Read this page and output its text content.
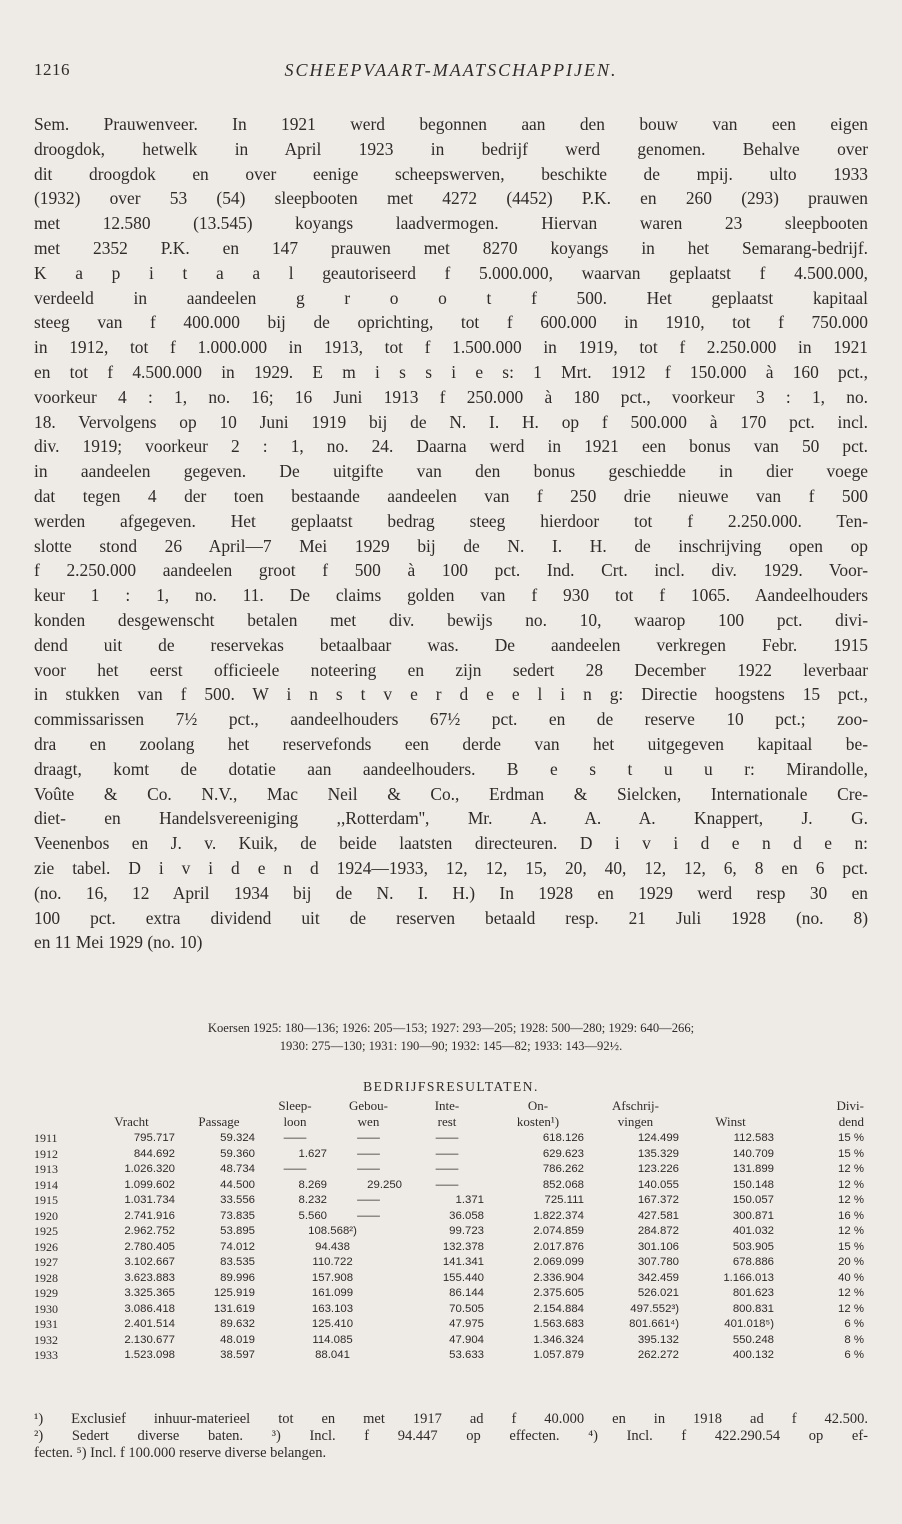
1216	SCHEEPVAART-MAATSCHAPPIJEN.
Sem. Prauwenveer. In 1921 werd begonnen aan den bouw van een eigen
droogdok, hetwelk in April 1923 in bedrijf werd genomen. Behalve over
dit droogdok en over eenige scheepswerven, beschikte de mpij. ulto 1933
(1932) over 53 (54) sleepbooten met 4272 (4452) P.K. en 260 (293) prauwen
met 12.580 (13.545) koyangs laadvermogen. Hiervan waren 23 sleepbooten
met 2352 P.K. en 147 prauwen met 8270 koyangs in het Semarang-bedrijf.
K a p i t a a l geautoriseerd f 5.000.000, waarvan geplaatst f 4.500.000,
verdeeld in aandeelen g r o o t f 500. Het geplaatst kapitaal
steeg van f 400.000 bij de oprichting, tot f 600.000 in 1910, tot f 750.000
in 1912, tot f 1.000.000 in 1913, tot f 1.500.000 in 1919, tot f 2.250.000 in 1921
en tot f 4.500.000 in 1929. E m i s s i e s: 1 Mrt. 1912 f 150.000 à 160 pct.,
voorkeur 4 : 1, no. 16; 16 Juni 1913 f 250.000 à 180 pct., voorkeur 3 : 1, no.
18. Vervolgens op 10 Juni 1919 bij de N. I. H. op f 500.000 à 170 pct. incl.
div. 1919; voorkeur 2 : 1, no. 24. Daarna werd in 1921 een bonus van 50 pct.
in aandeelen gegeven. De uitgifte van den bonus geschiedde in dier voege
dat tegen 4 der toen bestaande aandeelen van f 250 drie nieuwe van f 500
werden afgegeven. Het geplaatst bedrag steeg hierdoor tot f 2.250.000. Ten-
slotte stond 26 April—7 Mei 1929 bij de N. I. H. de inschrijving open op
f 2.250.000 aandeelen groot f 500 à 100 pct. Ind. Crt. incl. div. 1929. Voor-
keur 1 : 1, no. 11. De claims golden van f 930 tot f 1065. Aandeelhouders
konden desgewenscht betalen met div. bewijs no. 10, waarop 100 pct. divi-
dend uit de reservekas betaalbaar was. De aandeelen verkregen Febr. 1915
voor het eerst officieele noteering en zijn sedert 28 December 1922 leverbaar
in stukken van f 500. W i n s t v e r d e e l i n g: Directie hoogstens 15 pct.,
commissarissen 7½ pct., aandeelhouders 67½ pct. en de reserve 10 pct.; zoo-
dra en zoolang het reservefonds een derde van het uitgegeven kapitaal be-
draagt, komt de dotatie aan aandeelhouders. B e s t u u r: Mirandolle,
Voûte & Co. N.V., Mac Neil & Co., Erdman & Sielcken, Internationale Cre-
diet- en Handelsvereeniging ,,Rotterdam'', Mr. A. A. A. Knappert, J. G.
Veenenbos en J. v. Kuik, de beide laatsten directeuren. D i v i d e n d e n:
zie tabel. D i v i d e n d 1924—1933, 12, 12, 15, 20, 40, 12, 12, 6, 8 en 6 pct.
(no. 16, 12 April 1934 bij de N. I. H.) In 1928 en 1929 werd resp 30 en
100 pct. extra dividend uit de reserven betaald resp. 21 Juli 1928 (no. 8)
en 11 Mei 1929 (no. 10)
Koersen 1925: 180—136; 1926: 205—153; 1927: 293—205; 1928: 500—280; 1929: 640—266;
1930: 275—130; 1931: 190—90; 1932: 145—82; 1933: 143—92½.
BEDRIJFSRESULTATEN.
	Vracht	Passage	Sleep-
loon	Gebou-
wen	Inte-
rest	On-
kosten¹)	Afschrij-
vingen	Winst	Divi-
dend
1911	795.717	59.324	——	——	——	618.126	124.499	112.583	15 %
1912	844.692	59.360	1.627	——	——	629.623	135.329	140.709	15 %
1913	1.026.320	48.734	——	——	——	786.262	123.226	131.899	12 %
1914	1.099.602	44.500	8.269	29.250	——	852.068	140.055	150.148	12 %
1915	1.031.734	33.556	8.232	——	1.371	725.111	167.372	150.057	12 %
1920	2.741.916	73.835	5.560	——	36.058	1.822.374	427.581	300.871	16 %
1925	2.962.752	53.895	108.568²)		99.723	2.074.859	284.872	401.032	12 %
1926	2.780.405	74.012	94.438		132.378	2.017.876	301.106	503.905	15 %
1927	3.102.667	83.535	110.722		141.341	2.069.099	307.780	678.886	20 %
1928	3.623.883	89.996	157.908		155.440	2.336.904	342.459	1.166.013	40 %
1929	3.325.365	125.919	161.099		86.144	2.375.605	526.021	801.623	12 %
1930	3.086.418	131.619	163.103		70.505	2.154.884	497.552³)	800.831	12 %
1931	2.401.514	89.632	125.410		47.975	1.563.683	801.661⁴)	401.018⁵)	6 %
1932	2.130.677	48.019	114.085		47.904	1.346.324	395.132	550.248	8 %
1933	1.523.098	38.597	88.041		53.633	1.057.879	262.272	400.132	6 %
¹) Exclusief inhuur-materieel tot en met 1917 ad f 40.000 en in 1918 ad f 42.500.
²) Sedert diverse baten. ³) Incl. f 94.447 op effecten. ⁴) Incl. f 422.290.54 op ef-
fecten. ⁵) Incl. f 100.000 reserve diverse belangen.
